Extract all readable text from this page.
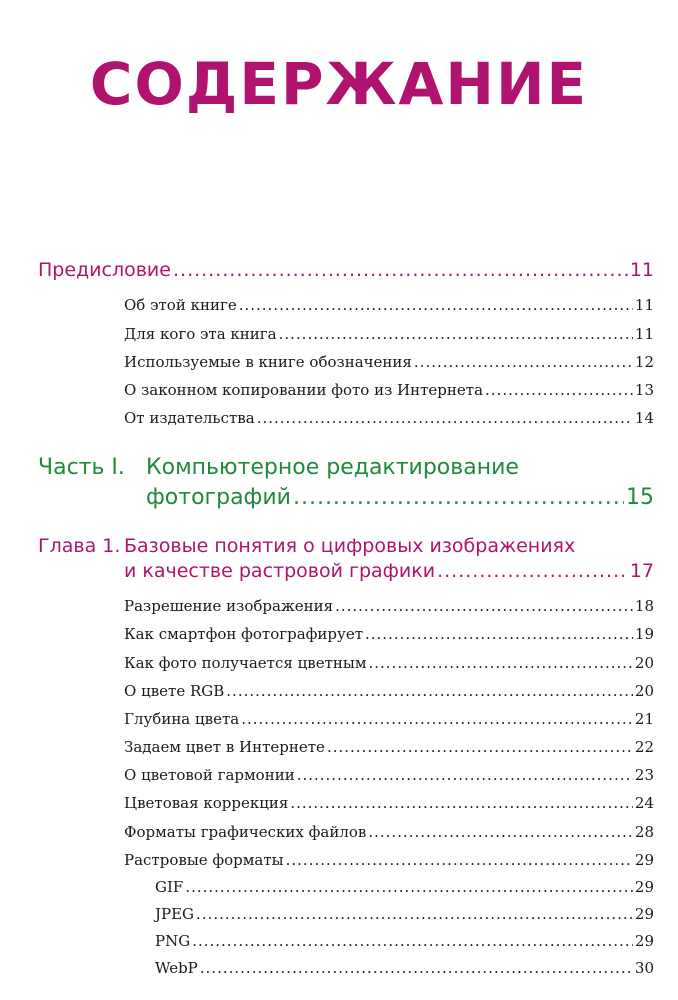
СОДЕРЖАНИЕ
Предисловие .....	11
Об этой книге .....	11
Для кого эта книга .....	11
Используемые в книге обозначения .....	12
О законном копировании фото из Интернета .....	13
От издательства .....	14
Часть I. Компьютерное редактирование
фотографий .....	15
Глава 1. Базовые понятия о цифровых изображениях
и качестве растровой графики .....	17
Разрешение изображения .....	18
Как смартфон фотографирует .....	19
Как фото получается цветным .....	20
О цвете RGB .....	20
Глубина цвета .....	21
Задаем цвет в Интернете .....	22
О цветовой гармонии .....	23
Цветовая коррекция .....	24
Форматы графических файлов .....	28
Растровые форматы .....	29
GIF .....	29
JPEG .....	29
PNG .....	29
WebP .....	30
